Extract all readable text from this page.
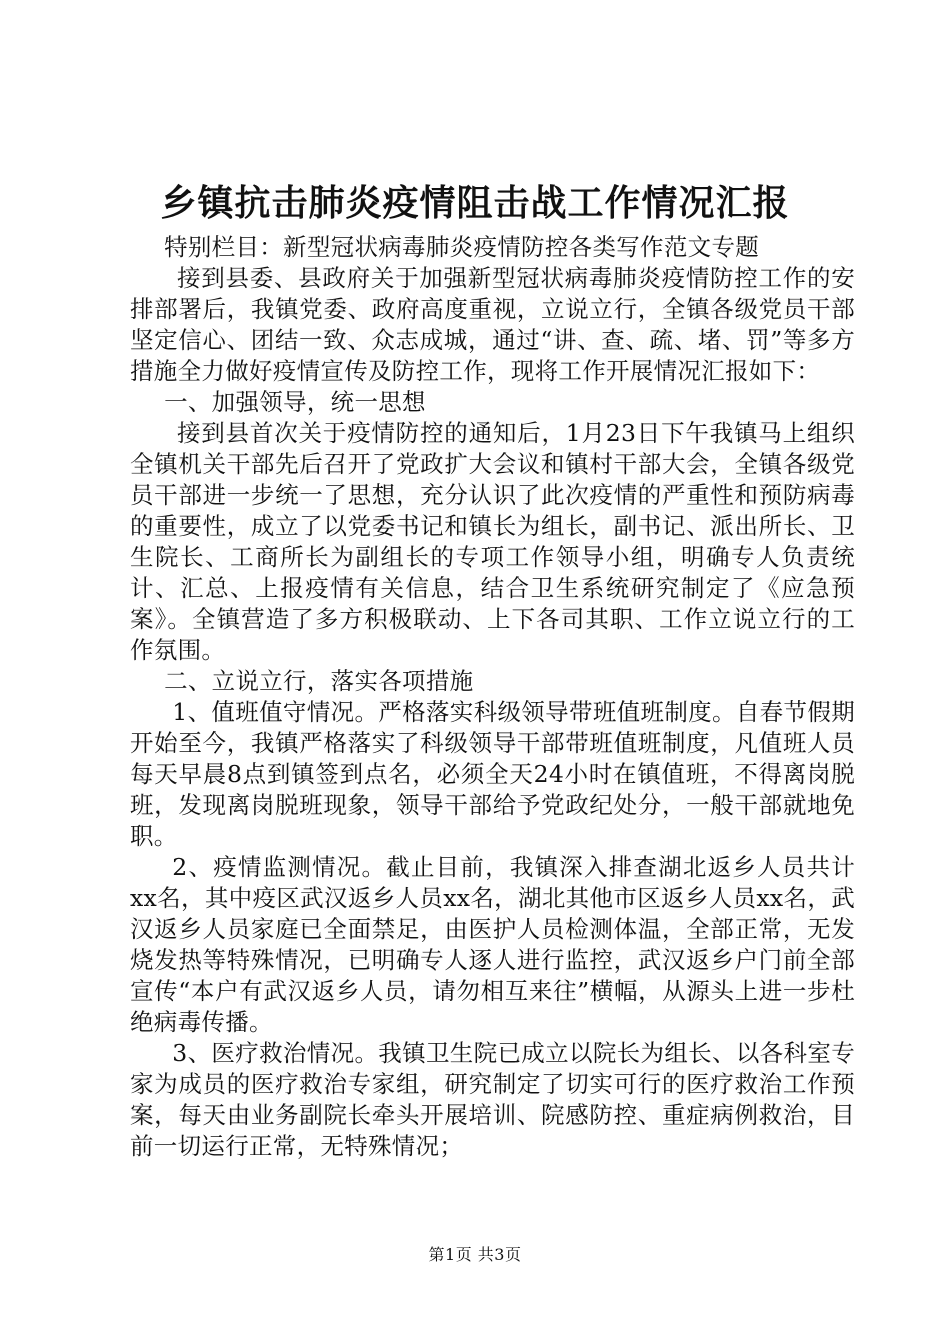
乡镇抗击肺炎疫情阻击战工作情况汇报

特别栏目：新型冠状病毒肺炎疫情防控各类写作范文专题

接到县委、县政府关于加强新型冠状病毒肺炎疫情防控工作的安排部署后，我镇党委、政府高度重视，立说立行，全镇各级党员干部坚定信心、团结一致、众志成城，通过“讲、查、疏、堵、罚”等多方措施全力做好疫情宣传及防控工作，现将工作开展情况汇报如下：

一、加强领导，统一思想

接到县首次关于疫情防控的通知后，1月23日下午我镇马上组织全镇机关干部先后召开了党政扩大会议和镇村干部大会，全镇各级党员干部进一步统一了思想，充分认识了此次疫情的严重性和预防病毒的重要性，成立了以党委书记和镇长为组长，副书记、派出所长、卫生院长、工商所长为副组长的专项工作领导小组，明确专人负责统计、汇总、上报疫情有关信息，结合卫生系统研究制定了《应急预案》。全镇营造了多方积极联动、上下各司其职、工作立说立行的工作氛围。

二、立说立行，落实各项措施

1、值班值守情况。严格落实科级领导带班值班制度。自春节假期开始至今，我镇严格落实了科级领导干部带班值班制度，凡值班人员每天早晨8点到镇签到点名，必须全天24小时在镇值班，不得离岗脱班，发现离岗脱班现象，领导干部给予党政纪处分，一般干部就地免职。

2、疫情监测情况。截止目前，我镇深入排查湖北返乡人员共计xx名，其中疫区武汉返乡人员xx名，湖北其他市区返乡人员xx名，武汉返乡人员家庭已全面禁足，由医护人员检测体温，全部正常，无发烧发热等特殊情况，已明确专人逐人进行监控，武汉返乡户门前全部宣传“本户有武汉返乡人员，请勿相互来往”横幅，从源头上进一步杜绝病毒传播。

3、医疗救治情况。我镇卫生院已成立以院长为组长、以各科室专家为成员的医疗救治专家组，研究制定了切实可行的医疗救治工作预案，每天由业务副院长牵头开展培训、院感防控、重症病例救治，目前一切运行正常，无特殊情况；

第1页 共3页
